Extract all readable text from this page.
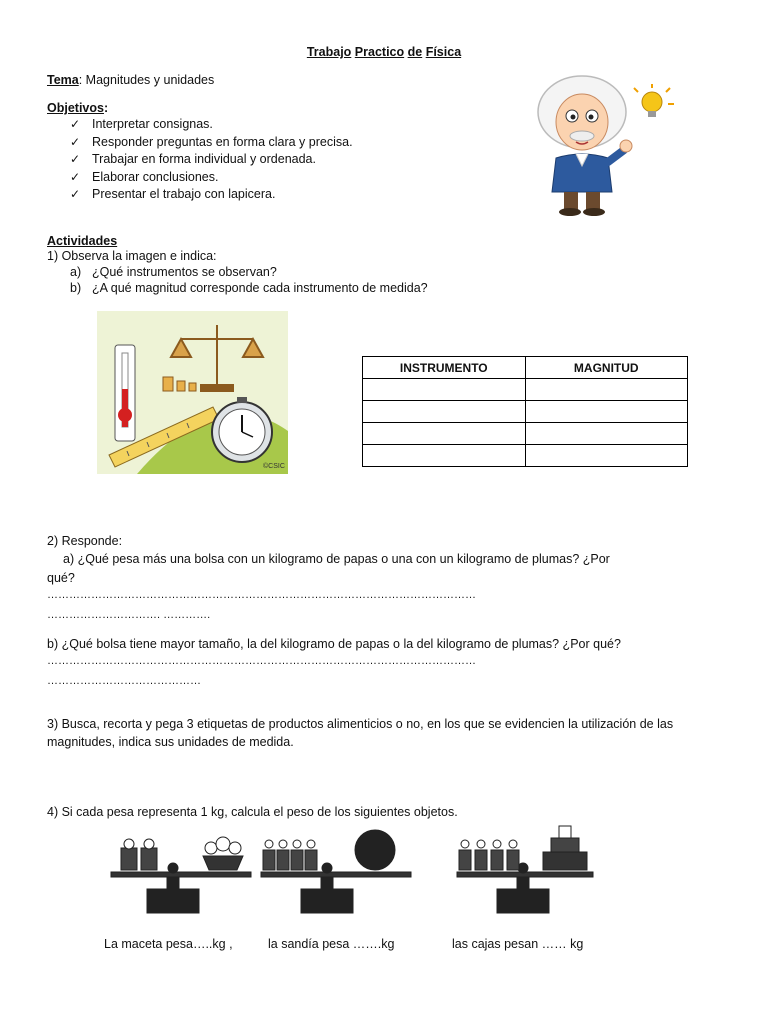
Trabajo Practico de Física
Tema: Magnitudes y unidades
Objetivos:
✓ Interpretar consignas.
✓ Responder preguntas en forma clara y precisa.
✓ Trabajar en forma individual y ordenada.
✓ Elaborar conclusiones.
✓ Presentar el trabajo con lapicera.
Actividades
1) Observa la imagen e indica:
a) ¿Qué instrumentos se observan?
b) ¿A qué magnitud corresponde cada instrumento de medida?
©CSIC
INSTRUMENTO	MAGNITUD

2) Responde:
a) ¿Qué pesa más una bolsa con un kilogramo de papas o una con un kilogramo de plumas? ¿Por
qué?
………………………………………………………………………………………………………
…………………………. ………….
b) ¿Qué bolsa tiene mayor tamaño, la del kilogramo de papas o la del kilogramo de plumas? ¿Por qué?
………………………………………………………………………………………………………
……………………………………
3) Busca, recorta y pega 3 etiquetas de productos alimenticios o no, en los que se evidencien la utilización de las
magnitudes, indica sus unidades de medida.
4) Si cada pesa representa 1 kg, calcula el peso de los siguientes objetos.
La maceta pesa…..kg ,	la sandía pesa …….kg	las cajas pesan …… kg
